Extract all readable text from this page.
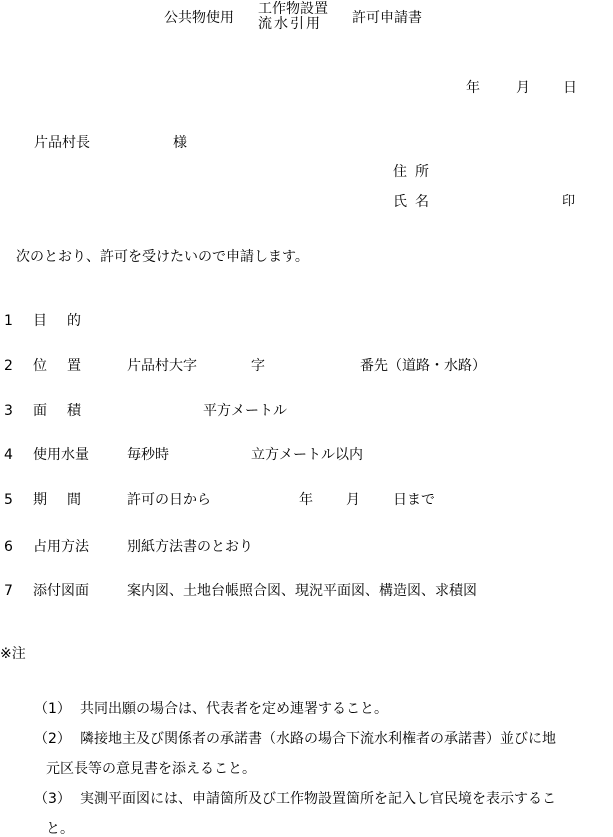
公共物使用
工作物設置
流水引用	許可申請書
年	月 日
片品村長	様
住所
氏名	印
次のとおり、許可を受けたいので申請します。
1 目的
2 位置 片品村大字	字	番先（道路・水路）
3 面積	平方メートル
4 使用水量	毎秒時	立方メートル以内
5 期間 許可の日から	年 月 日まで
6 占用方法	別紙方法書のとおり
7 添付図面	案内図、土地台帳照合図、現況平面図、構造図、求積図
※注
（1） 共同出願の場合は、代表者を定め連署すること。
（2） 隣接地主及び関係者の承諾書（水路の場合下流水利権者の承諾書）並びに地
元区長等の意見書を添えること。
（3） 実測平面図には、申請箇所及び工作物設置箇所を記入し官民境を表示するこ
と。
